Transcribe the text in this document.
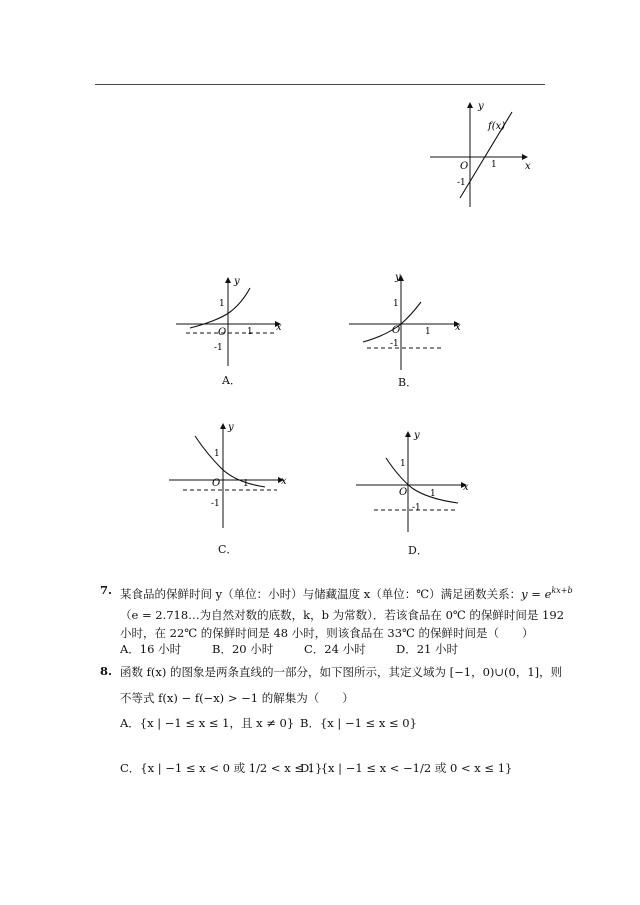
y
x
O	1
-1
f(x)
y
x
O
1
1
-1
A．
y
x
O
1
1
-1
B．
y
x
O
1
1
-1
C．
y
x
O
1
1
-1
D．
7. 某食品的保鲜时间 y（单位：小时）与储藏温度 x（单位：℃）满足函数关系：$y = e^{kx+b}$
（e = 2.718…为自然对数的底数，k，b 为常数）．若该食品在 0℃ 的保鲜时间是 192
小时，在 22℃ 的保鲜时间是 48 小时，则该食品在 33℃ 的保鲜时间是（　　）
A．16 小时	B．20 小时	C．24 小时	D．21 小时
8. 函数 f(x) 的图象是两条直线的一部分，如下图所示，其定义域为 [−1，0)∪(0，1]，则
不等式 f(x) − f(−x) > −1 的解集为（　　）
A．{x | −1 ≤ x ≤ 1，且 x ≠ 0} B．{x | −1 ≤ x ≤ 0}
C．{x | −1 ≤ x < 0 或 1/2 < x ≤ 1}
D．{x | −1 ≤ x < −1/2 或 0 < x ≤ 1}
